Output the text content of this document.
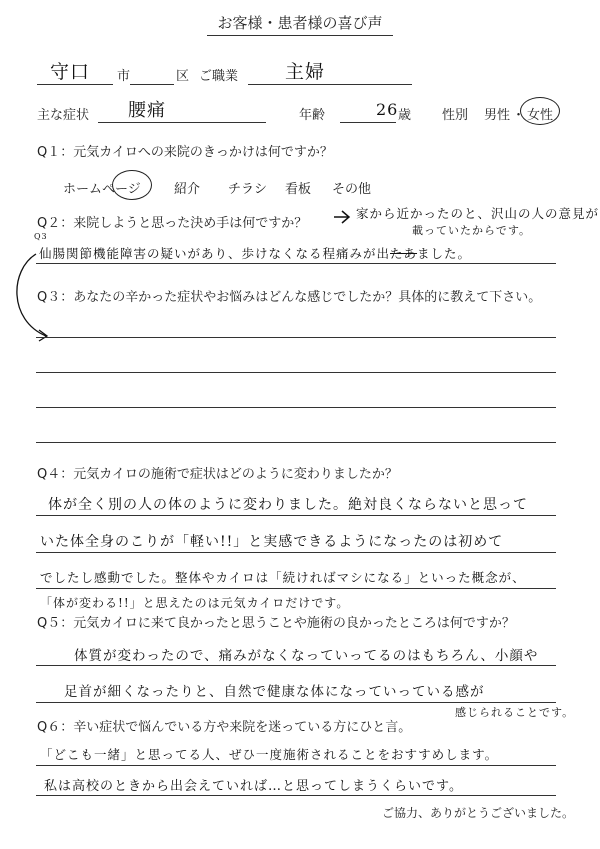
お客様・患者様の喜び声
守口 市	区 ご職業 主婦
主な症状 腰痛	年齢	26 歳 性別 男性 ・ 女性
Q１：元気カイロへの来院のきっかけは何ですか？
ホームページ	紹介 チラシ 看板 その他
Q２：来院しようと思った決め手は何ですか？
家から近かったのと、沢山の人の意見が
載っていたからです。
Q3
仙腸関節機能障害の疑いがあり、歩けなくなる程痛みが出たあました。
Q３：あなたの辛かった症状やお悩みはどんな感じでしたか？具体的に教えて下さい。
Q４：元気カイロの施術で症状はどのように変わりましたか？
体が全く別の人の体のように変わりました。絶対良くならないと思って
いた体全身のこりが「軽い!!」と実感できるようになったのは初めて
でしたし感動でした。整体やカイロは「続ければマシになる」といった概念が、
「体が変わる!!」と思えたのは元気カイロだけです。
Q５：元気カイロに来て良かったと思うことや施術の良かったところは何ですか？
体質が変わったので、痛みがなくなっていってるのはもちろん、小顔や
足首が細くなったりと、自然で健康な体になっていっている感が
感じられることです。
Q６：辛い症状で悩んでいる方や来院を迷っている方にひと言。
「どこも一緒」と思ってる人、ぜひ一度施術されることをおすすめします。
私は高校のときから出会えていれば…と思ってしまうくらいです。
ご協力、ありがとうございました。
